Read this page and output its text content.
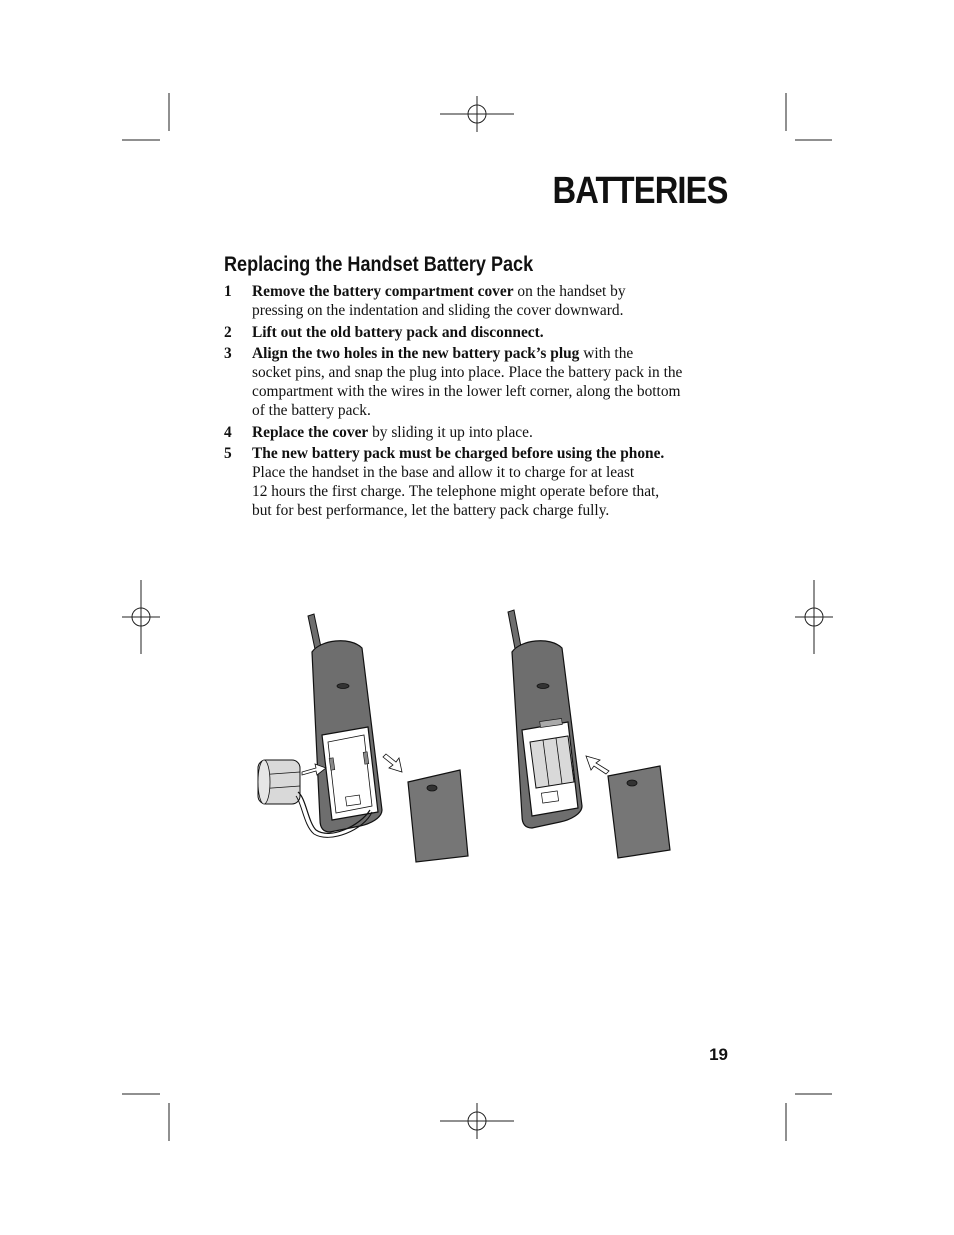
BATTERIES
Replacing the Handset Battery Pack
1 Remove the battery compartment cover on the handset by
pressing on the indentation and sliding the cover downward.
2 Lift out the old battery pack and disconnect.
3 Align the two holes in the new battery pack’s plug with the
socket pins, and snap the plug into place. Place the battery pack in the
compartment with the wires in the lower left corner, along the bottom
of the battery pack.
4 Replace the cover by sliding it up into place.
5 The new battery pack must be charged before using the phone.
Place the handset in the base and allow it to charge for at least
12 hours the first charge. The telephone might operate before that,
but for best performance, let the battery pack charge fully.
19
